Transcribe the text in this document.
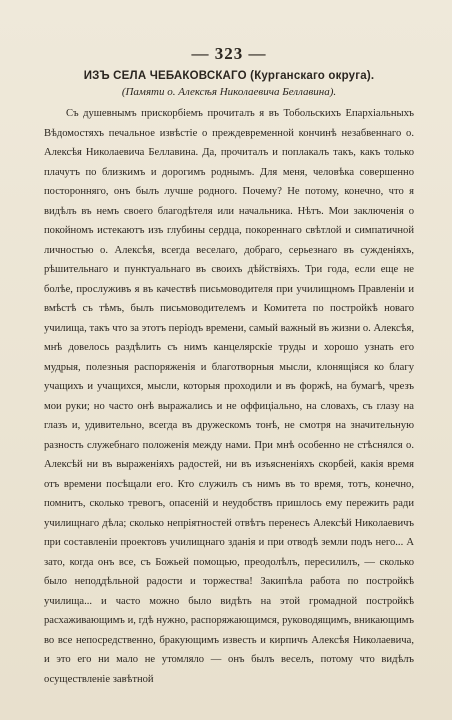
— 323 —
ИЗЪ СЕЛА ЧЕБАКОВСКАГО (Курганскаго округа).
(Памяти о. Алексѣя Николаевича Беллавина).

Съ душевнымъ прискорбіемъ прочиталъ я въ Тобольскихъ Епархіальныхъ Вѣдомостяхъ печальное извѣстіе о преждевременной кончинѣ незабвеннаго о. Алексѣя Николаевича Беллавина. Да, прочиталъ и поплакалъ такъ, какъ только плачутъ по близкимъ и дорогимъ роднымъ. Для меня, человѣка совершенно посторонняго, онъ былъ лучше родного. Почему? Не потому, конечно, что я видѣлъ въ немъ своего благодѣтеля или начальника. Нѣтъ. Мои заключенія о покойномъ истекаютъ изъ глубины сердца, покореннаго свѣтлой и симпатичной личностью о. Алексѣя, всегда веселаго, добраго, серьезнаго въ сужденіяхъ, рѣшительнаго и пунктуальнаго въ своихъ дѣйствіяхъ. Три года, если еще не болѣе, прослуживъ я въ качествѣ письмоводителя при училищномъ Правленіи и вмѣстѣ съ тѣмъ, былъ письмоводителемъ и Комитета по постройкѣ новаго училища, такъ что за этотъ періодъ времени, самый важный въ жизни о. Алексѣя, мнѣ довелось раздѣлить съ нимъ канцелярскіе труды и хорошо узнать его мудрыя, полезныя распоряженія и благотворныя мысли, клонящіяся ко благу учащихъ и учащихся, мысли, которыя проходили и въ форжѣ, на бумагѣ, чрезъ мои руки; но часто онѣ выражались и не оффиціально, на словахъ, съ глазу на глазъ и, удивительно, всегда въ дружескомъ тонѣ, не смотря на значительную разность служебнаго положенія между нами. При мнѣ особенно не стѣснялся о. Алексѣй ни въ выраженіяхъ радостей, ни въ изъясненіяхъ скорбей, какія время отъ времени посѣщали его. Кто служилъ съ нимъ въ то время, тотъ, конечно, помнитъ, сколько тревогъ, опасеній и неудобствъ пришлось ему пережить ради училищнаго дѣла; сколько непріятностей отвѣтъ перенесъ Алексѣй Николаевичъ при составленіи проектовъ училищнаго зданія и при отводѣ земли подъ него... А зато, когда онъ все, съ Божьей помощью, преодолѣлъ, пересилилъ, — сколько было неподдѣльной радости и торжества! Закипѣла работа по постройкѣ училища... и часто можно было видѣть на этой громадной постройкѣ расхаживающимъ и, гдѣ нужно, распоряжающимся, руководящимъ, вникающимъ во все непосредственно, бракующимъ известь и кирпичъ Алексѣя Николаевича, и это его ни мало не утомляло — онъ былъ веселъ, потому что видѣлъ осуществленіе завѣтной
